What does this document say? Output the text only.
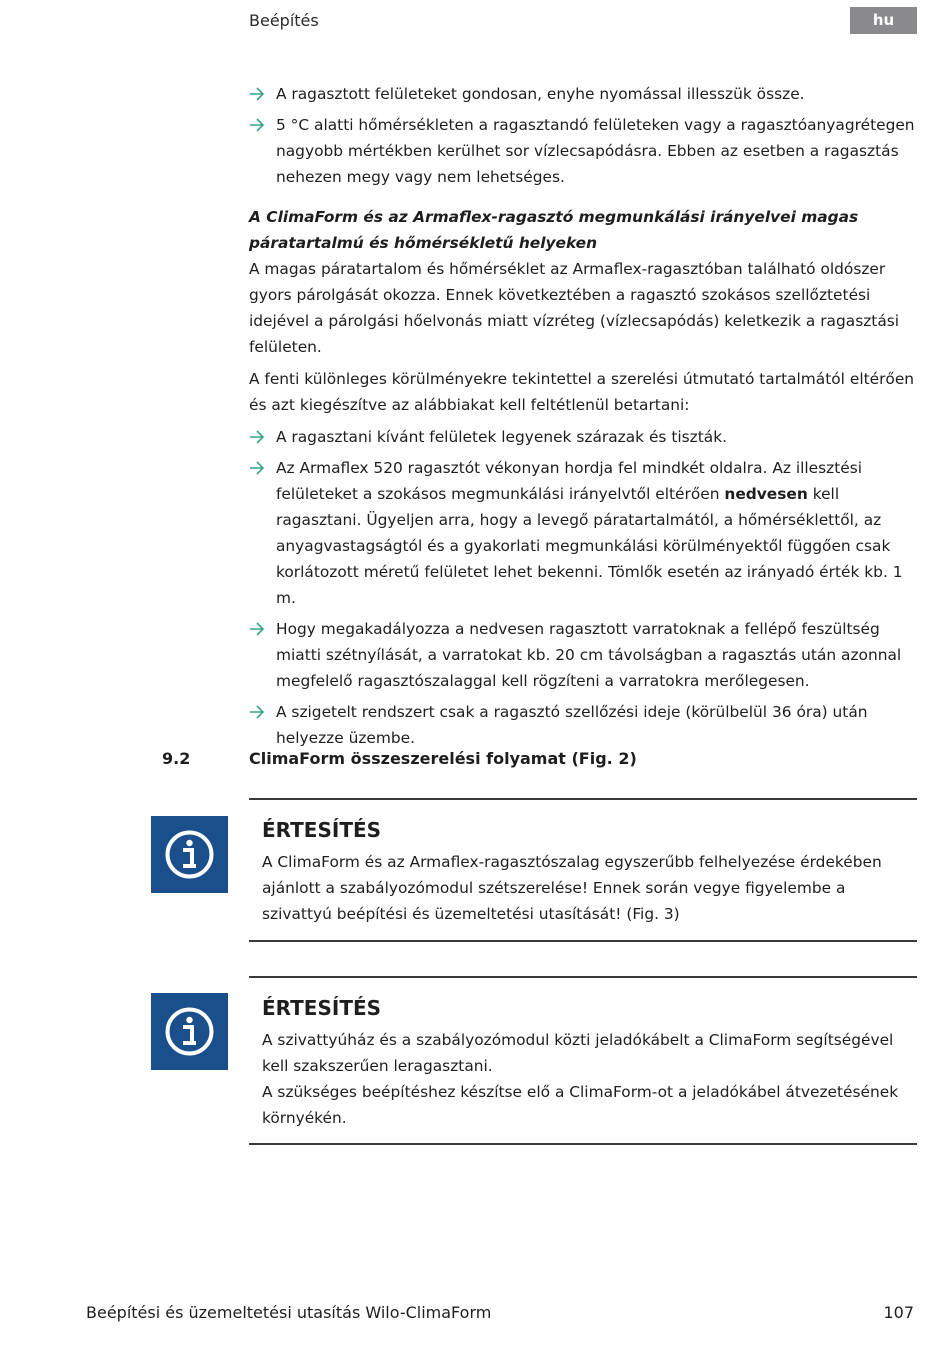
Beépítés	hu
A ragasztott felületeket gondosan, enyhe nyomással illesszük össze.
5 °C alatti hőmérsékleten a ragasztandó felületeken vagy a ragasztóanyagrétegen nagyobb mértékben kerülhet sor vízlecsapódásra. Ebben az esetben a ragasztás nehezen megy vagy nem lehetséges.
A ClimaForm és az Armaflex-ragasztó megmunkálási irányelvei magas páratartalmú és hőmérsékletű helyeken
A magas páratartalom és hőmérséklet az Armaflex-ragasztóban található oldószer gyors párolgását okozza. Ennek következtében a ragasztó szokásos szellőztetési idejével a párolgási hőelvonás miatt vízréteg (vízlecsapódás) keletkezik a ragasztási felületen.
A fenti különleges körülményekre tekintettel a szerelési útmutató tartalmától eltérően és azt kiegészítve az alábbiakat kell feltétlenül betartani:
A ragasztani kívánt felületek legyenek szárazak és tiszták.
Az Armaflex 520 ragasztót vékonyan hordja fel mindkét oldalra. Az illesztési felületeket a szokásos megmunkálási irányelvtől eltérően nedvesen kell ragasztani. Ügyeljen arra, hogy a levegő páratartalmától, a hőmérséklettől, az anyagvastagságtól és a gyakorlati megmunkálási körülményektől függően csak korlátozott méretű felületet lehet bekenni. Tömlők esetén az irányadó érték kb. 1 m.
Hogy megakadályozza a nedvesen ragasztott varratoknak a fellépő feszültség miatti szétnyílását, a varratokat kb. 20 cm távolságban a ragasztás után azonnal megfelelő ragasztószalaggal kell rögzíteni a varratokra merőlegesen.
A szigetelt rendszert csak a ragasztó szellőzési ideje (körülbelül 36 óra) után helyezze üzembe.
9.2	ClimaForm összeszerelési folyamat (Fig. 2)
ÉRTESÍTÉS
A ClimaForm és az Armaflex-ragasztószalag egyszerűbb felhelyezése érdekében ajánlott a szabályozómodul szétszerelése! Ennek során vegye figyelembe a szivattyú beépítési és üzemeltetési utasítását! (Fig. 3)
ÉRTESÍTÉS
A szivattyúház és a szabályozómodul közti jeladókábelt a ClimaForm segítségével kell szakszerűen leragasztani.
A szükséges beépítéshez készítse elő a ClimaForm-ot a jeladókábel átvezetésének környékén.
Beépítési és üzemeltetési utasítás Wilo-ClimaForm	107
